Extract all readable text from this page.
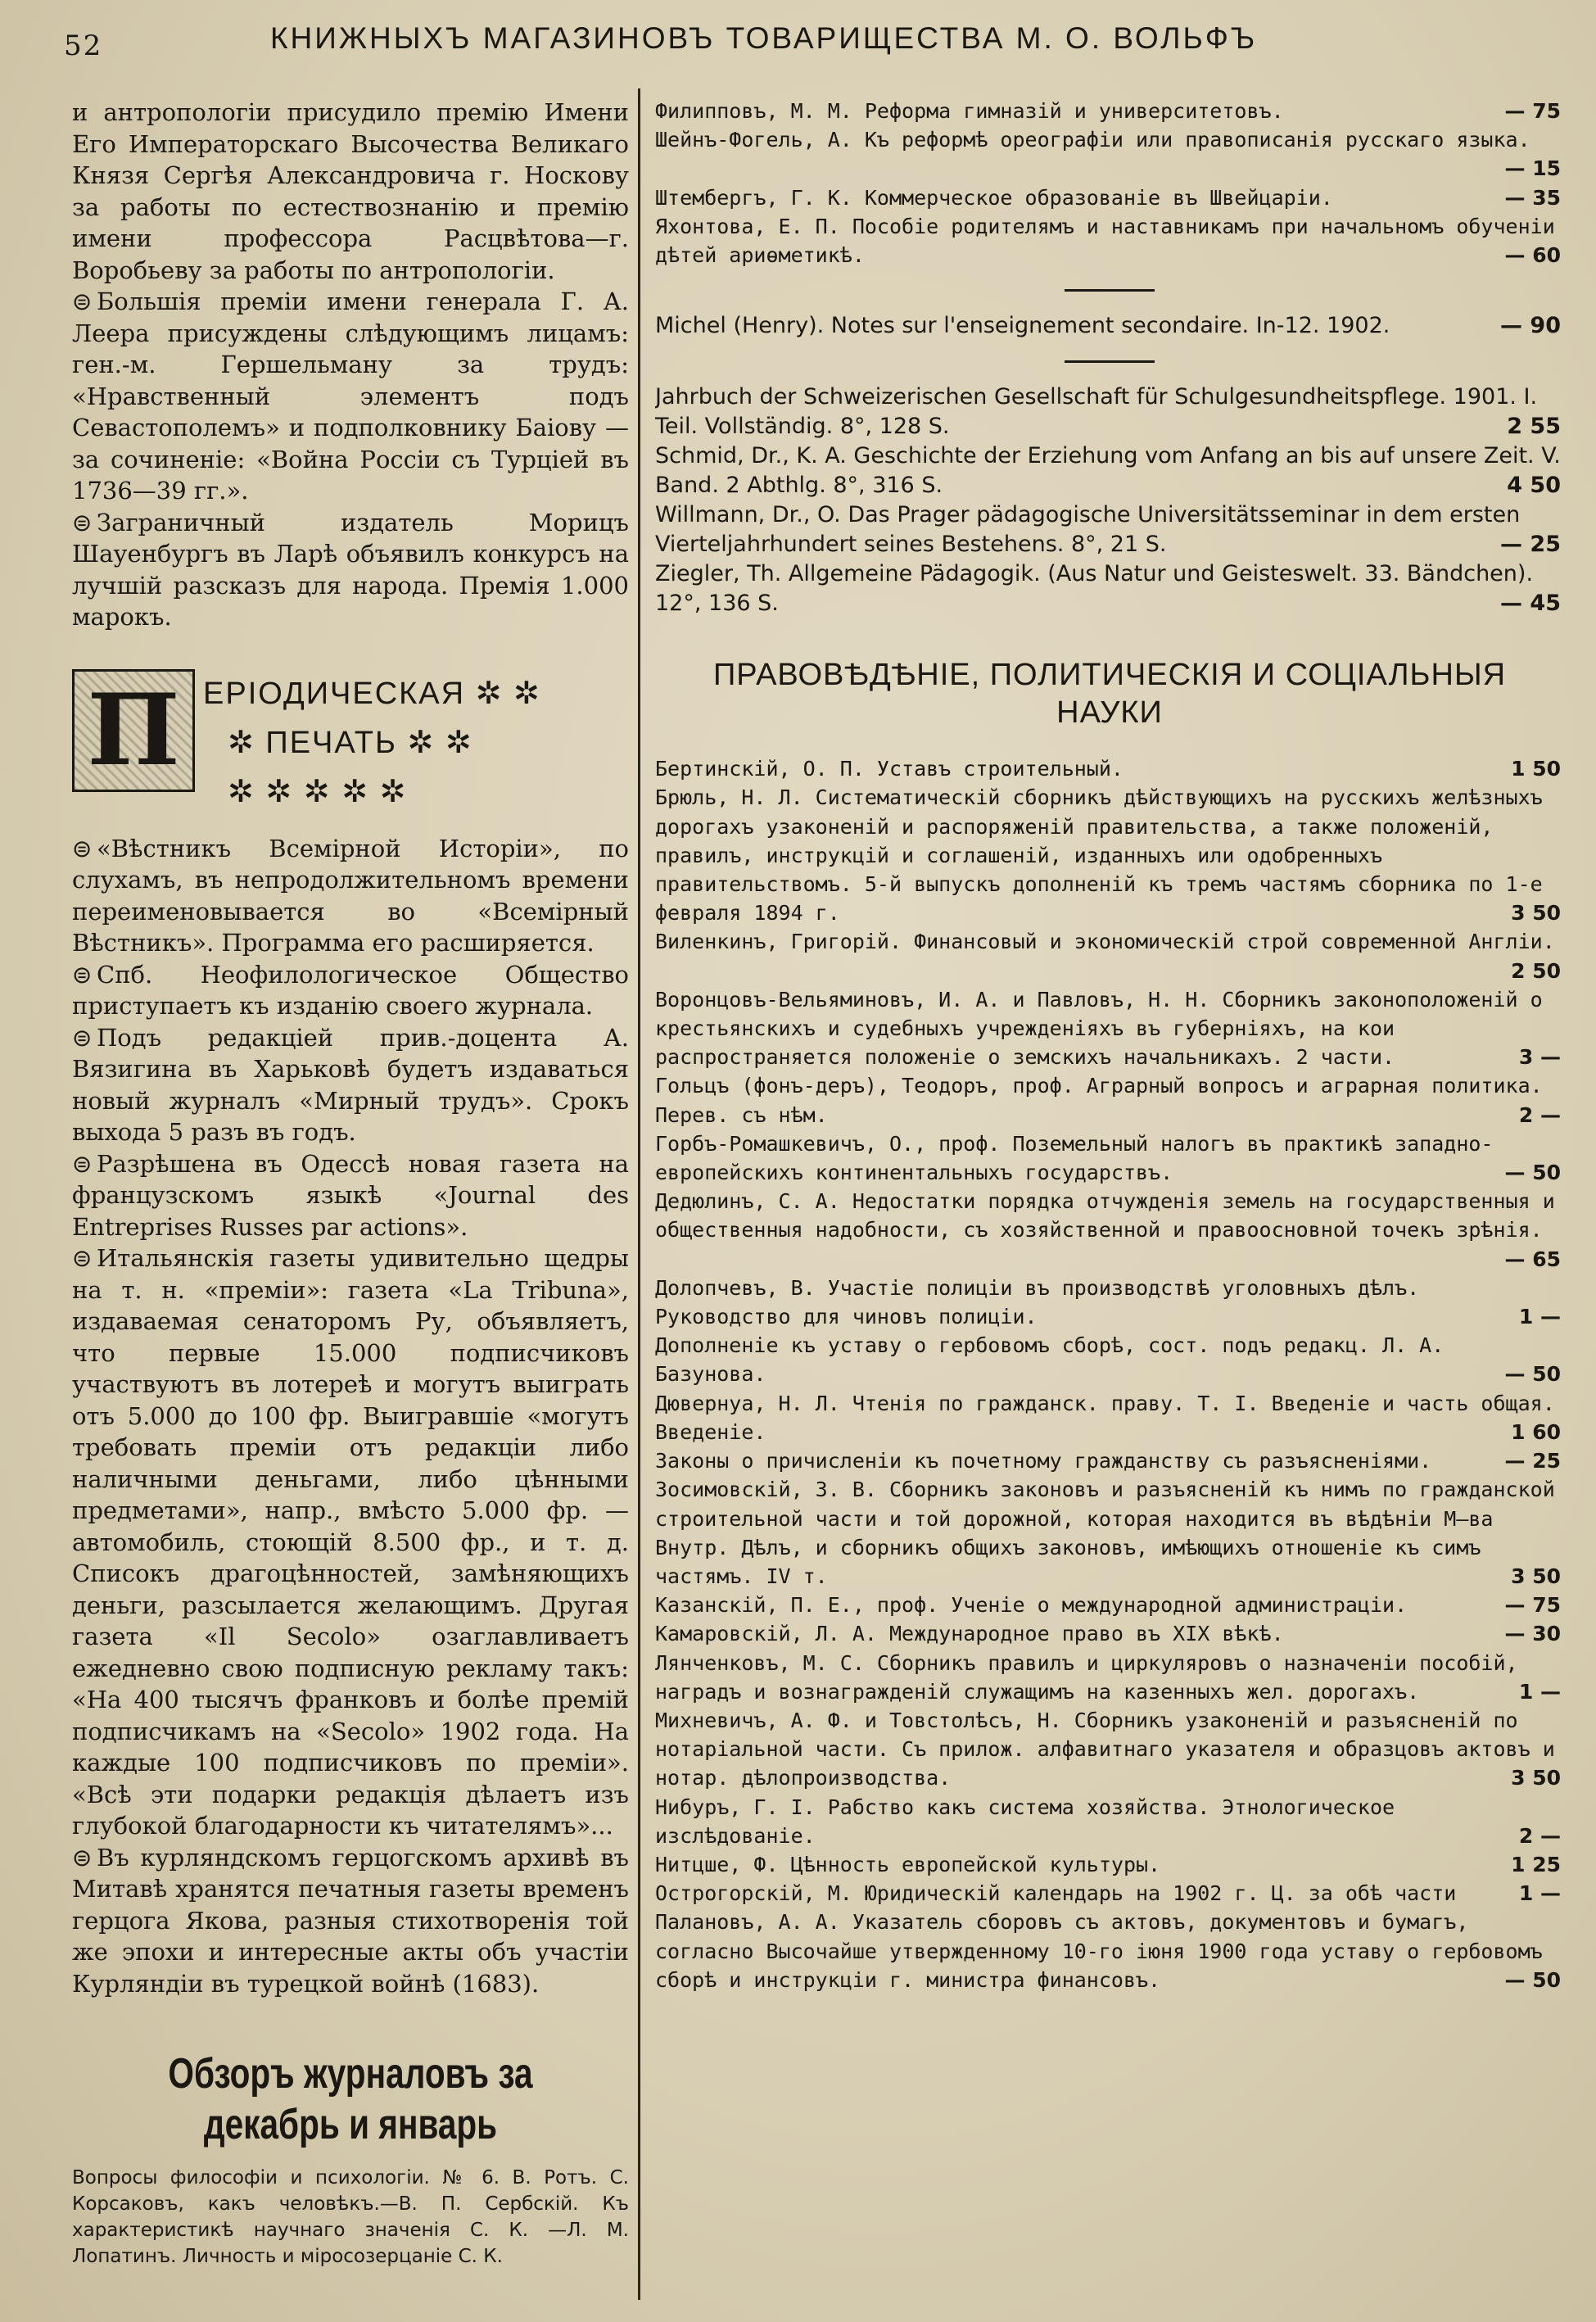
52	КНИЖНЫХЪ МАГАЗИНОВЪ ТОВАРИЩЕСТВА М. О. ВОЛЬФЪ

и антропологіи присудило премію Имени Его Императорскаго Высочества Великаго Князя Сергѣя Александровича г. Носкову за работы по естествознанію и премію имени профессора Расцвѣтова—г. Воробьеву за работы по антропологіи.

⊜ Большія преміи имени генерала Г. А. Леера присуждены слѣдующимъ лицамъ: ген.-м. Гершельману за трудъ: «Нравственный элементъ подъ Севастополемъ» и подполковнику Баіову — за сочиненіе: «Война Россіи съ Турціей въ 1736—39 гг.».

⊜ Заграничный издатель Морицъ Шауенбургъ въ Ларѣ объявилъ конкурсъ на лучшій разсказъ для народа. Премія 1.000 марокъ.

П ЕРІОДИЧЕСКАЯ ✲ ✲
✲ ПЕЧАТЬ ✲ ✲
✲ ✲ ✲ ✲ ✲

⊜ «Вѣстникъ Всемірной Исторіи», по слухамъ, въ непродолжительномъ времени переименовывается во «Всемірный Вѣстникъ». Программа его расширяется.

⊜ Спб. Неофилологическое Общество приступаетъ къ изданію своего журнала.

⊜ Подъ редакціей прив.-доцента А. Вязигина въ Харьковѣ будетъ издаваться новый журналъ «Мирный трудъ». Срокъ выхода 5 разъ въ годъ.

⊜ Разрѣшена въ Одессѣ новая газета на французскомъ языкѣ «Journal des Entreprises Russes par actions».

⊜ Итальянскія газеты удивительно щедры на т. н. «преміи»: газета «La Tribuna», издаваемая сенаторомъ Ру, объявляетъ, что первые 15.000 подписчиковъ участвуютъ въ лотереѣ и могутъ выиграть отъ 5.000 до 100 фр. Выигравшіе «могутъ требовать преміи отъ редакціи либо наличными деньгами, либо цѣнными предметами», напр., вмѣсто 5.000 фр. — автомобиль, стоющій 8.500 фр., и т. д. Списокъ драгоцѣнностей, замѣняющихъ деньги, разсылается желающимъ. Другая газета «Il Secolo» озаглавливаетъ ежедневно свою подписную рекламу такъ: «На 400 тысячъ франковъ и болѣе премій подписчикамъ на «Secolo» 1902 года. На каждые 100 подписчиковъ по преміи». «Всѣ эти подарки редакція дѣлаетъ изъ глубокой благодарности къ читателямъ»...

⊜ Въ курляндскомъ герцогскомъ архивѣ въ Митавѣ хранятся печатныя газеты временъ герцога Якова, разныя стихотворенія той же эпохи и интересные акты объ участіи Курляндіи въ турецкой войнѣ (1683).

Обзоръ журналовъ за декабрь и январь
Вопросы философіи и психологіи. № 6. В. Ротъ. С. Корсаковъ, какъ человѣкъ.—В. П. Сербскій. Къ характеристикѣ научнаго значенія С. К. —Л. М. Лопатинъ. Личность и міросозерцаніе С. К.
Филипповъ, М. М. Реформа гимназій и университетовъ.	— 75
Шейнъ-Фогель, А. Къ реформѣ ореографіи или правописанія русскаго языка.
— 15
Штембергъ, Г. К. Коммерческое образованіе въ Швейцаріи.	— 35
Яхонтова, Е. П. Пособіе родителямъ и наставникамъ при начальномъ обученіи дѣтей ариѳметикѣ.	— 60
Michel (Henry). Notes sur l'enseignement secondaire. In-12. 1902.	— 90
Jahrbuch der Schweizerischen Gesellschaft für Schulgesundheitspflege. 1901. I. Teil. Vollständig. 8°, 128 S.	2 55
Schmid, Dr., K. A. Geschichte der Erziehung vom Anfang an bis auf unsere Zeit. V. Band. 2 Abthlg. 8°, 316 S.	4 50
Willmann, Dr., O. Das Prager pädagogische Universitätsseminar in dem ersten Vierteljahrhundert seines Bestehens. 8°, 21 S.	— 25
Ziegler, Th. Allgemeine Pädagogik. (Aus Natur und Geisteswelt. 33. Bändchen). 12°, 136 S.	— 45
ПРАВОВѢДѢНІЕ, ПОЛИТИЧЕСКІЯ И СОЦІАЛЬНЫЯ
НАУКИ
Бертинскій, О. П. Уставъ строительный.	1 50
Брюль, Н. Л. Систематическій сборникъ дѣйствующихъ на русскихъ желѣзныхъ дорогахъ узаконеній и распоряженій правительства, а также положеній, правилъ, инструкцій и соглашеній, изданныхъ или одобренныхъ правительствомъ. 5-й выпускъ дополненій къ тремъ частямъ сборника по 1-е февраля 1894 г.	3 50
Виленкинъ, Григорій. Финансовый и экономическій строй современной Англіи.
2 50
Воронцовъ-Вельяминовъ, И. А. и Павловъ, Н. Н. Сборникъ законоположеній о крестьянскихъ и судебныхъ учрежденіяхъ въ губерніяхъ, на кои распространяется положеніе о земскихъ начальникахъ. 2 части.	3 —
Гольцъ (фонъ-деръ), Теодоръ, проф. Аграрный вопросъ и аграрная политика. Перев. съ нѣм.	2 —
Горбъ-Ромашкевичъ, О., проф. Поземельный налогъ въ практикѣ западно-европейскихъ континентальныхъ государствъ.	— 50
Дедюлинъ, С. А. Недостатки порядка отчужденія земель на государственныя и общественныя надобности, съ хозяйственной и правоосновной точекъ зрѣнія.
— 65
Долопчевъ, В. Участіе полиціи въ производствѣ уголовныхъ дѣлъ. Руководство для чиновъ полиціи.	1 —
Дополненіе къ уставу о гербовомъ сборѣ, сост. подъ редакц. Л. А. Базунова.	— 50
Дювернуа, Н. Л. Чтенія по гражданск. праву. Т. I. Введеніе и часть общая. Введеніе.	1 60
Законы о причисленіи къ почетному гражданству съ разъясненіями.	— 25
Зосимовскій, З. В. Сборникъ законовъ и разъясненій къ нимъ по гражданской строительной части и той дорожной, которая находится въ вѣдѣніи М—ва Внутр. Дѣлъ, и сборникъ общихъ законовъ, имѣющихъ отношеніе къ симъ частямъ. IV т.	3 50
Казанскій, П. Е., проф. Ученіе о международной администраціи.	— 75
Камаровскій, Л. А. Международное право въ XIX вѣкѣ.	— 30
Лянченковъ, М. С. Сборникъ правилъ и циркуляровъ о назначеніи пособій, наградъ и вознагражденій служащимъ на казенныхъ жел. дорогахъ.	1 —
Михневичъ, А. Ф. и Товстолѣсъ, Н. Сборникъ узаконеній и разъясненій по нотаріальной части. Съ прилож. алфавитнаго указателя и образцовъ актовъ и нотар. дѣлопроизводства.	3 50
Нибуръ, Г. І. Рабство какъ система хозяйства. Этнологическое изслѣдованіе.	2 —
Нитцше, Ф. Цѣнность европейской культуры.	1 25
Острогорскій, М. Юридическій календарь на 1902 г. Ц. за обѣ части	1 —
Палановъ, А. А. Указатель сборовъ съ актовъ, документовъ и бумагъ, согласно Высочайше утвержденному 10-го іюня 1900 года уставу о гербовомъ сборѣ и инструкціи г. министра финансовъ.	— 50
